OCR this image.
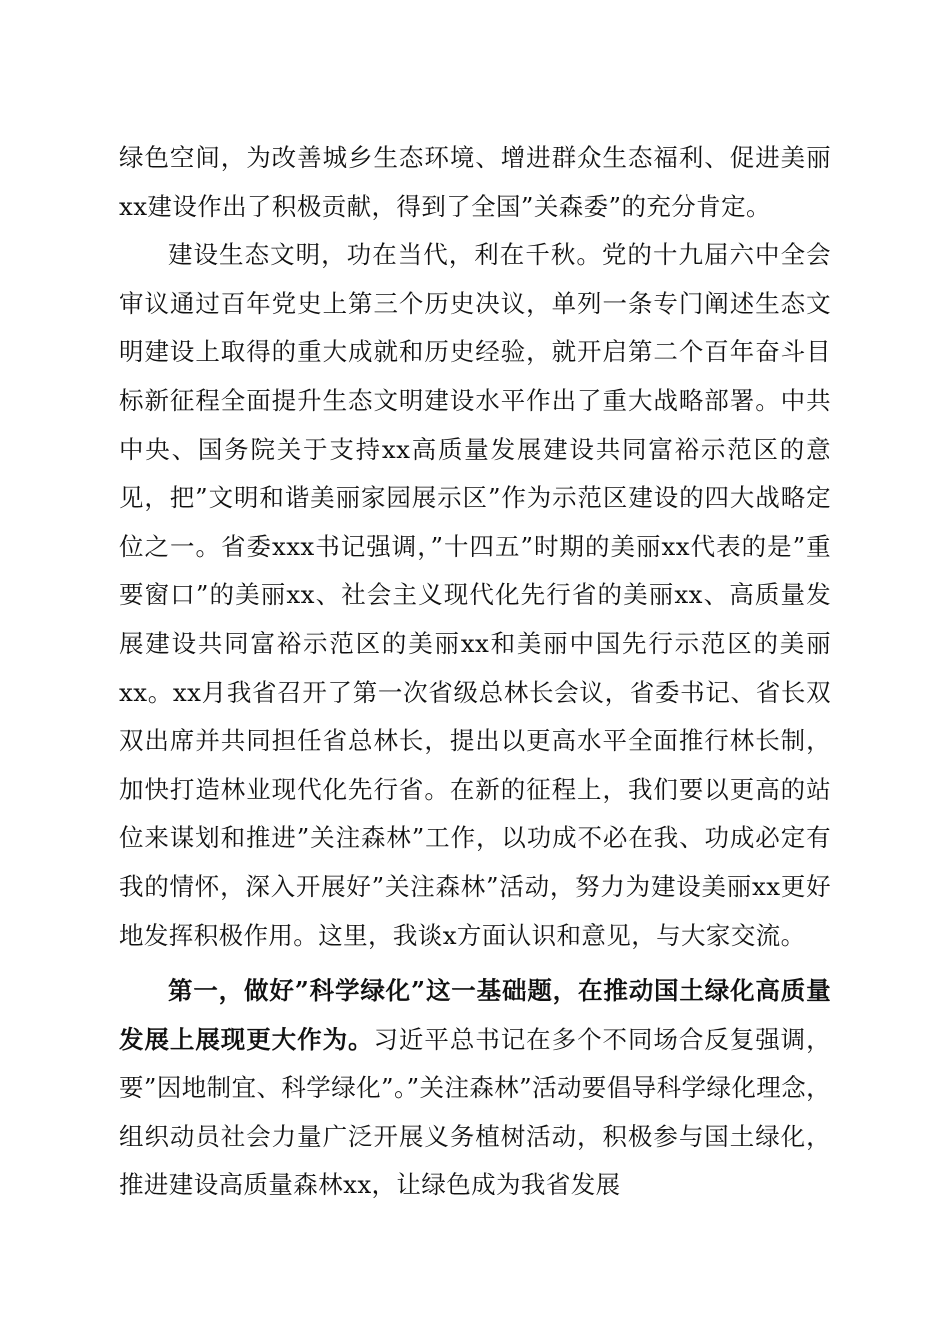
绿色空间，为改善城乡生态环境、增进群众生态福利、促进美丽xx建设作出了积极贡献，得到了全国”关森委”的充分肯定。

建设生态文明，功在当代，利在千秋。党的十九届六中全会审议通过百年党史上第三个历史决议，单列一条专门阐述生态文明建设上取得的重大成就和历史经验，就开启第二个百年奋斗目标新征程全面提升生态文明建设水平作出了重大战略部署。中共中央、国务院关于支持xx高质量发展建设共同富裕示范区的意见，把”文明和谐美丽家园展示区”作为示范区建设的四大战略定位之一。省委xxx书记强调，”十四五”时期的美丽xx代表的是”重要窗口”的美丽xx、社会主义现代化先行省的美丽xx、高质量发展建设共同富裕示范区的美丽xx和美丽中国先行示范区的美丽xx。xx月我省召开了第一次省级总林长会议，省委书记、省长双双出席并共同担任省总林长，提出以更高水平全面推行林长制，加快打造林业现代化先行省。在新的征程上，我们要以更高的站位来谋划和推进”关注森林”工作，以功成不必在我、功成必定有我的情怀，深入开展好”关注森林”活动，努力为建设美丽xx更好地发挥积极作用。这里，我谈x方面认识和意见，与大家交流。

第一，做好”科学绿化”这一基础题，在推动国土绿化高质量发展上展现更大作为。习近平总书记在多个不同场合反复强调，要”因地制宜、科学绿化”。”关注森林”活动要倡导科学绿化理念，组织动员社会力量广泛开展义务植树活动，积极参与国土绿化，推进建设高质量森林xx，让绿色成为我省发展
